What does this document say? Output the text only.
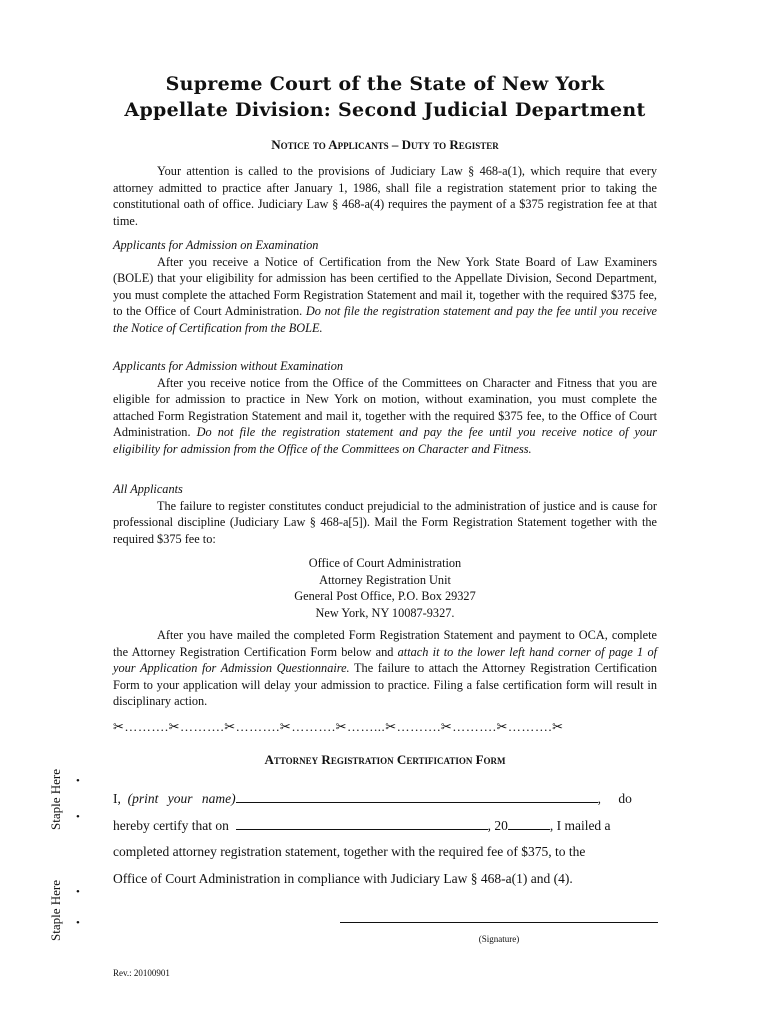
Supreme Court of the State of New York
Appellate Division: Second Judicial Department
Notice to Applicants – Duty to Register

Your attention is called to the provisions of Judiciary Law § 468-a(1), which require that every attorney admitted to practice after January 1, 1986, shall file a registration statement prior to taking the constitutional oath of office. Judiciary Law § 468-a(4) requires the payment of a $375 registration fee at that time.

Applicants for Admission on Examination

After you receive a Notice of Certification from the New York State Board of Law Examiners (BOLE) that your eligibility for admission has been certified to the Appellate Division, Second Department, you must complete the attached Form Registration Statement and mail it, together with the required $375 fee, to the Office of Court Administration. Do not file the registration statement and pay the fee until you receive the Notice of Certification from the BOLE.

Applicants for Admission without Examination

After you receive notice from the Office of the Committees on Character and Fitness that you are eligible for admission to practice in New York on motion, without examination, you must complete the attached Form Registration Statement and mail it, together with the required $375 fee, to the Office of Court Administration. Do not file the registration statement and pay the fee until you receive notice of your eligibility for admission from the Office of the Committees on Character and Fitness.

All Applicants

The failure to register constitutes conduct prejudicial to the administration of justice and is cause for professional discipline (Judiciary Law § 468-a[5]). Mail the Form Registration Statement together with the required $375 fee to:

Office of Court Administration
Attorney Registration Unit
General Post Office, P.O. Box 29327
New York, NY 10087-9327.

After you have mailed the completed Form Registration Statement and payment to OCA, complete the Attorney Registration Certification Form below and attach it to the lower left hand corner of page 1 of your Application for Admission Questionnaire. The failure to attach the Attorney Registration Certification Form to your application will delay your admission to practice. Filing a false certification form will result in disciplinary action.

✂……….✂……….✂……….✂……….✂……...✂……….✂……….✂……….✂
Attorney Registration Certification Form
I, (print your name)	, do
hereby certify that on	, 20	, I mailed a
completed attorney registration statement, together with the required fee of $375, to the
Office of Court Administration in compliance with Judiciary Law § 468-a(1) and (4).
(Signature)
Staple Here
Staple Here
•
•
•
•
Rev.: 20100901
